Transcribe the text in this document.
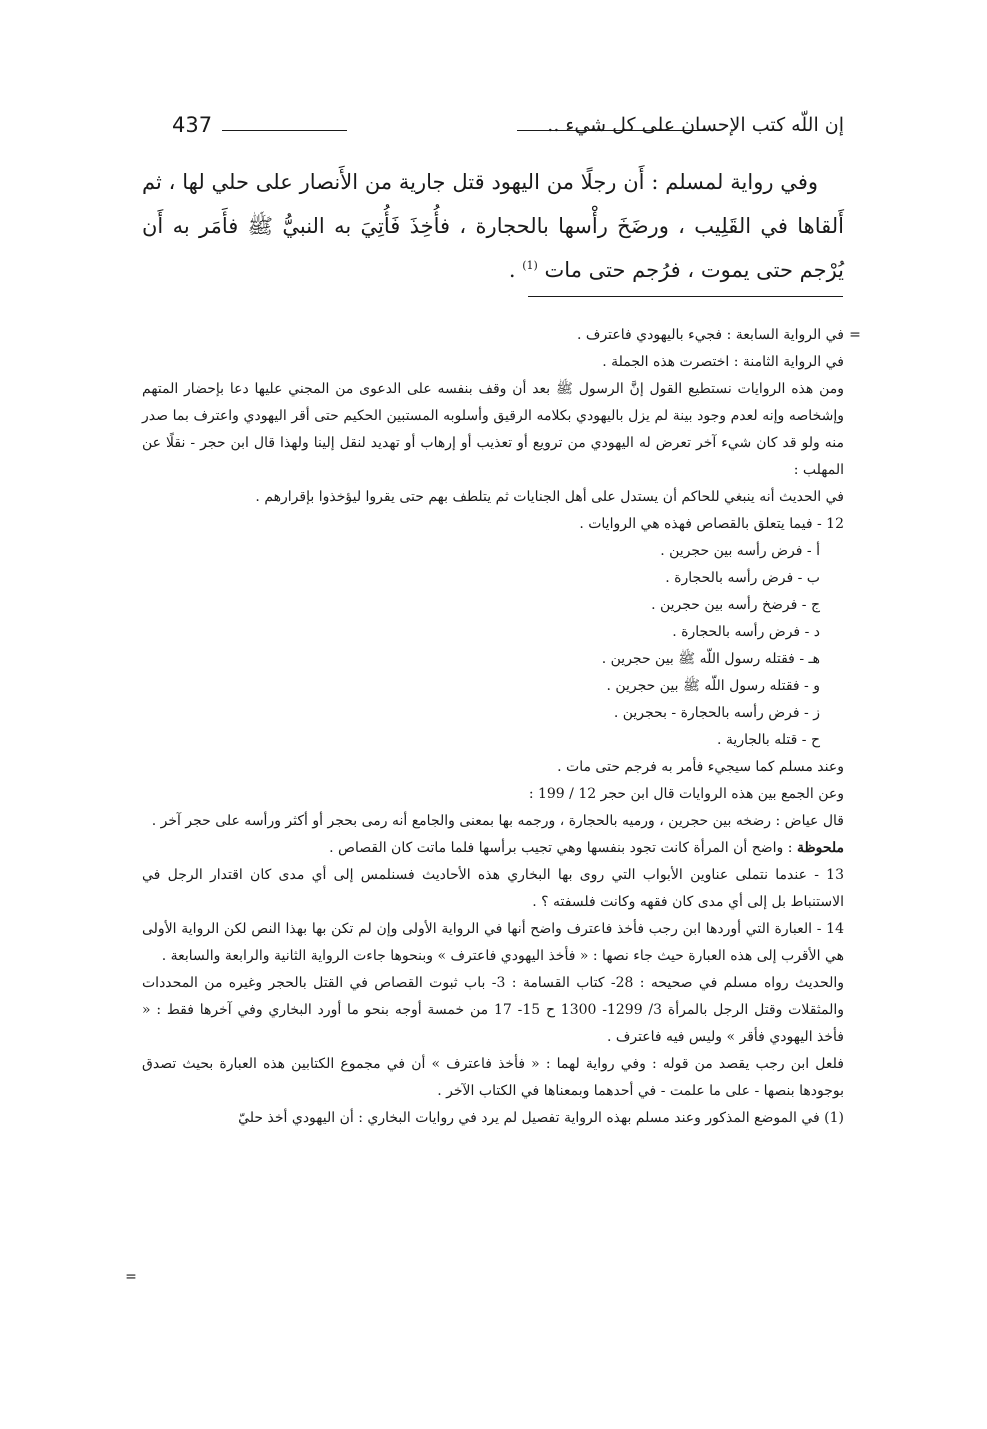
437	إن اللّه كتب الإحسان على كل شيء ..

وفي رواية لمسلم : أَن رجلًا من اليهود قتل جارية من الأَنصار على حلي لها ، ثم أَلقاها في القَلِيب ، ورضَخَ رأْسها بالحجارة ، فأُخِذَ فَأُتِيَ به النبيُّ ﷺ فأَمَر به أَن يُرْجم حتى يموت ، فرُجم حتى مات $^{(1)}$ .

=

في الرواية السابعة : فجيء باليهودي فاعترف .

في الرواية الثامنة : اختصرت هذه الجملة .

ومن هذه الروايات نستطيع القول إنَّ الرسول ﷺ بعد أن وقف بنفسه على الدعوى من المجني عليها دعا بإحضار المتهم وإشخاصه وإنه لعدم وجود بينة لم يزل باليهودي بكلامه الرقيق وأسلوبه المستبين الحكيم حتى أقر اليهودي واعترف بما صدر منه ولو قد كان شيء آخر تعرض له اليهودي من ترويع أو تعذيب أو إرهاب أو تهديد لنقل إلينا ولهذا قال ابن حجر - نقلًا عن المهلب :

في الحديث أنه ينبغي للحاكم أن يستدل على أهل الجنايات ثم يتلطف بهم حتى يقروا ليؤخذوا بإقرارهم .

12 - فيما يتعلق بالقصاص فهذه هي الروايات .

أ - فرض رأسه بين حجرين .

ب - فرض رأسه بالحجارة .

ج - فرضخ رأسه بين حجرين .

د - فرض رأسه بالحجارة .

هـ - فقتله رسول اللّه ﷺ بين حجرين .

و - فقتله رسول اللّه ﷺ بين حجرين .

ز - فرض رأسه بالحجارة - بحجرين .

ح - قتله بالجارية .

وعند مسلم كما سيجيء فأمر به فرجم حتى مات .

وعن الجمع بين هذه الروايات قال ابن حجر 12 / 199 :

قال عياض : رضخه بين حجرين ، ورميه بالحجارة ، ورجمه بها بمعنى والجامع أنه رمى بحجر أو أكثر ورأسه على حجر آخر .

ملحوظة : واضح أن المرأة كانت تجود بنفسها وهي تجيب برأسها فلما ماتت كان القصاص .

13 - عندما نتملى عناوين الأبواب التي روى بها البخاري هذه الأحاديث فسنلمس إلى أي مدى كان اقتدار الرجل في الاستنباط بل إلى أي مدى كان فقهه وكانت فلسفته ؟ .

14 - العبارة التي أوردها ابن رجب فأخذ فاعترف واضح أنها في الرواية الأولى وإن لم تكن بها بهذا النص لكن الرواية الأولى هي الأقرب إلى هذه العبارة حيث جاء نصها : « فأخذ اليهودي فاعترف » وبنحوها جاءت الرواية الثانية والرابعة والسابعة .

والحديث رواه مسلم في صحيحه : 28- كتاب القسامة : 3- باب ثبوت القصاص في القتل بالحجر وغيره من المحددات والمثقلات وقتل الرجل بالمرأة 3/ 1299- 1300 ح 15- 17 من خمسة أوجه بنحو ما أورد البخاري وفي آخرها فقط : « فأخذ اليهودي فأقر » وليس فيه فاعترف .

فلعل ابن رجب يقصد من قوله : وفي رواية لهما : « فأخذ فاعترف » أن في مجموع الكتابين هذه العبارة بحيث تصدق بوجودها بنصها - على ما علمت - في أحدهما وبمعناها في الكتاب الآخر .

(1) في الموضع المذكور وعند مسلم بهذه الرواية تفصيل لم يرد في روايات البخاري : أن اليهودي أخذ حليّ

=
